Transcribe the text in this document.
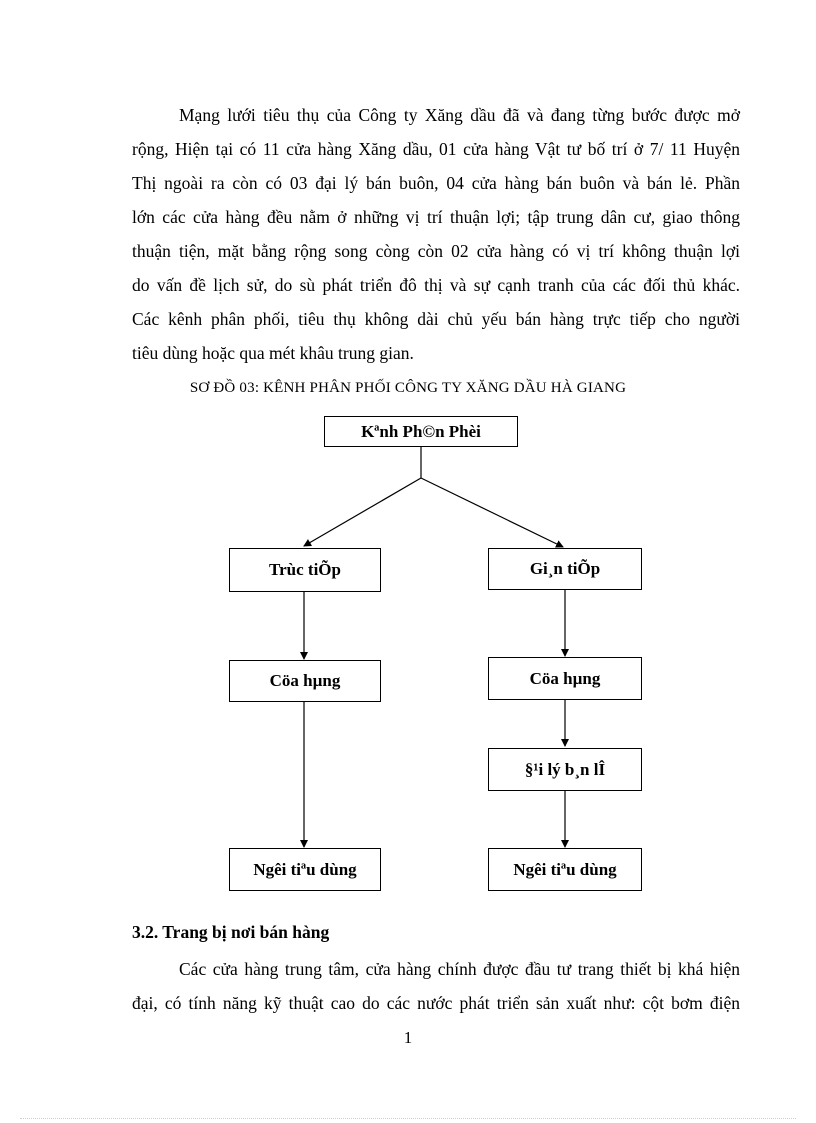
Mạng lưới tiêu thụ của Công ty Xăng dầu đã và đang từng bước được mở
rộng, Hiện tại có 11 cửa hàng Xăng dầu, 01 cửa hàng Vật tư bố trí ở 7/ 11 Huyện
Thị ngoài ra còn có 03 đại lý bán buôn, 04 cửa hàng bán buôn và bán lẻ. Phần
lớn các cửa hàng đều nằm ở những vị trí thuận lợi; tập trung dân cư, giao thông
thuận tiện, mặt bằng rộng song còng còn 02 cửa hàng có vị trí không thuận lợi
do vấn đề lịch sử, do sù phát triển đô thị và sự cạnh tranh của các đối thủ khác.
Các kênh phân phối, tiêu thụ không dài chủ yếu bán hàng trực tiếp cho người
tiêu dùng hoặc qua mét khâu trung gian.

SƠ ĐỒ 03: KÊNH PHÂN PHỐI CÔNG TY XĂNG DẦU HÀ GIANG
Kªnh Ph©n Phèi
Trùc tiÕp	Gi¸n tiÕp
Cöa hµng	Cöa hµng
§¹i lý b¸n lÎ
Ngêi tiªu dùng	Ngêi tiªu dùng
3.2. Trang bị nơi bán hàng

Các cửa hàng trung tâm, cửa hàng chính được đầu tư trang thiết bị khá hiện
đại, có tính năng kỹ thuật cao do các nước phát triển sản xuất như: cột bơm điện

1
